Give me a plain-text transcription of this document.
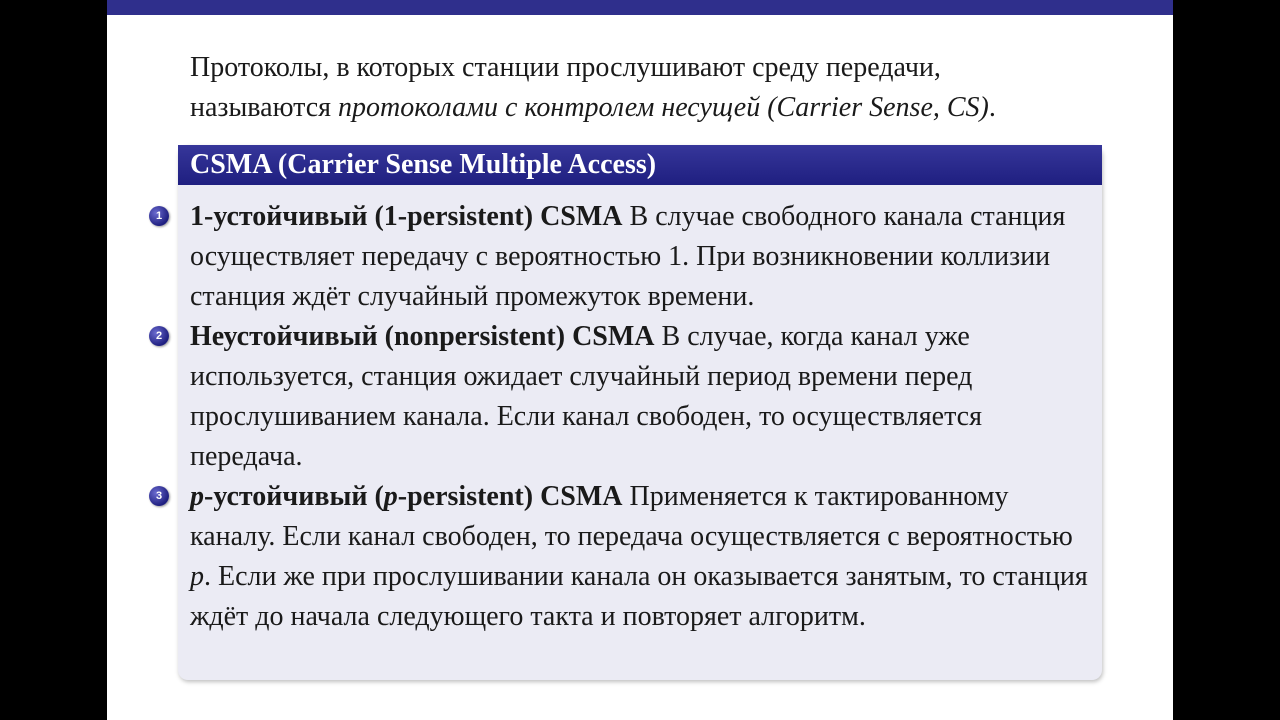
Протоколы, в которых станции прослушивают среду передачи,
называются протоколами с контролем несущей (Carrier Sense, CS).
CSMA (Carrier Sense Multiple Access)
1 1-устойчивый (1-persistent) CSMA В случае свободного канала станция осуществляет передачу с вероятностью 1. При возникновении коллизии станция ждёт случайный промежуток времени.
2 Неустойчивый (nonpersistent) CSMA В случае, когда канал уже используется, станция ожидает случайный период времени перед прослушиванием канала. Если канал свободен, то осуществляется передача.
3 p-устойчивый (p-persistent) CSMA Применяется к тактированному каналу. Если канал свободен, то передача осуществляется с вероятностью p. Если же при прослушивании канала он оказывается занятым, то станция ждёт до начала следующего такта и повторяет алгоритм.
